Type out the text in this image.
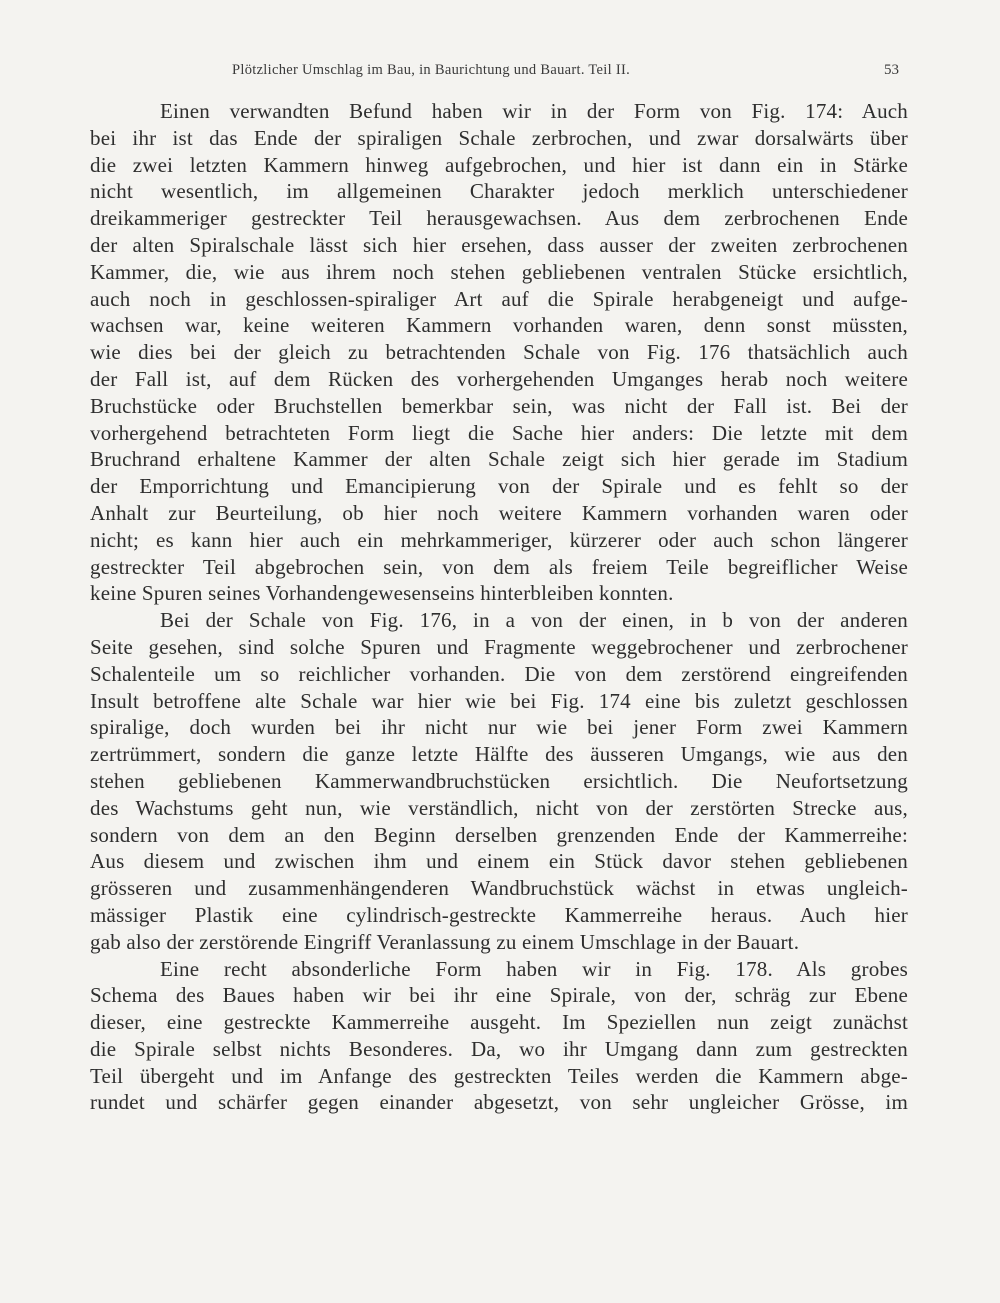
Plötzlicher Umschlag im Bau, in Baurichtung und Bauart. Teil II.	53
Einen verwandten Befund haben wir in der Form von Fig. 174: Auch
bei ihr ist das Ende der spiraligen Schale zerbrochen, und zwar dorsalwärts über
die zwei letzten Kammern hinweg aufgebrochen, und hier ist dann ein in Stärke
nicht wesentlich, im allgemeinen Charakter jedoch merklich unterschiedener
dreikammeriger gestreckter Teil herausgewachsen. Aus dem zerbrochenen Ende
der alten Spiralschale lässt sich hier ersehen, dass ausser der zweiten zerbrochenen
Kammer, die, wie aus ihrem noch stehen gebliebenen ventralen Stücke ersichtlich,
auch noch in geschlossen-spiraliger Art auf die Spirale herabgeneigt und aufge-
wachsen war, keine weiteren Kammern vorhanden waren, denn sonst müssten,
wie dies bei der gleich zu betrachtenden Schale von Fig. 176 thatsächlich auch
der Fall ist, auf dem Rücken des vorhergehenden Umganges herab noch weitere
Bruchstücke oder Bruchstellen bemerkbar sein, was nicht der Fall ist. Bei der
vorhergehend betrachteten Form liegt die Sache hier anders: Die letzte mit dem
Bruchrand erhaltene Kammer der alten Schale zeigt sich hier gerade im Stadium
der Emporrichtung und Emancipierung von der Spirale und es fehlt so der
Anhalt zur Beurteilung, ob hier noch weitere Kammern vorhanden waren oder
nicht; es kann hier auch ein mehrkammeriger, kürzerer oder auch schon längerer
gestreckter Teil abgebrochen sein, von dem als freiem Teile begreiflicher Weise
keine Spuren seines Vorhandengewesenseins hinterbleiben konnten.
Bei der Schale von Fig. 176, in a von der einen, in b von der anderen
Seite gesehen, sind solche Spuren und Fragmente weggebrochener und zerbrochener
Schalenteile um so reichlicher vorhanden. Die von dem zerstörend eingreifenden
Insult betroffene alte Schale war hier wie bei Fig. 174 eine bis zuletzt geschlossen
spiralige, doch wurden bei ihr nicht nur wie bei jener Form zwei Kammern
zertrümmert, sondern die ganze letzte Hälfte des äusseren Umgangs, wie aus den
stehen gebliebenen Kammerwandbruchstücken ersichtlich. Die Neufortsetzung
des Wachstums geht nun, wie verständlich, nicht von der zerstörten Strecke aus,
sondern von dem an den Beginn derselben grenzenden Ende der Kammerreihe:
Aus diesem und zwischen ihm und einem ein Stück davor stehen gebliebenen
grösseren und zusammenhängenderen Wandbruchstück wächst in etwas ungleich-
mässiger Plastik eine cylindrisch-gestreckte Kammerreihe heraus. Auch hier
gab also der zerstörende Eingriff Veranlassung zu einem Umschlage in der Bauart.
Eine recht absonderliche Form haben wir in Fig. 178. Als grobes
Schema des Baues haben wir bei ihr eine Spirale, von der, schräg zur Ebene
dieser, eine gestreckte Kammerreihe ausgeht. Im Speziellen nun zeigt zunächst
die Spirale selbst nichts Besonderes. Da, wo ihr Umgang dann zum gestreckten
Teil übergeht und im Anfange des gestreckten Teiles werden die Kammern abge-
rundet und schärfer gegen einander abgesetzt, von sehr ungleicher Grösse, im
